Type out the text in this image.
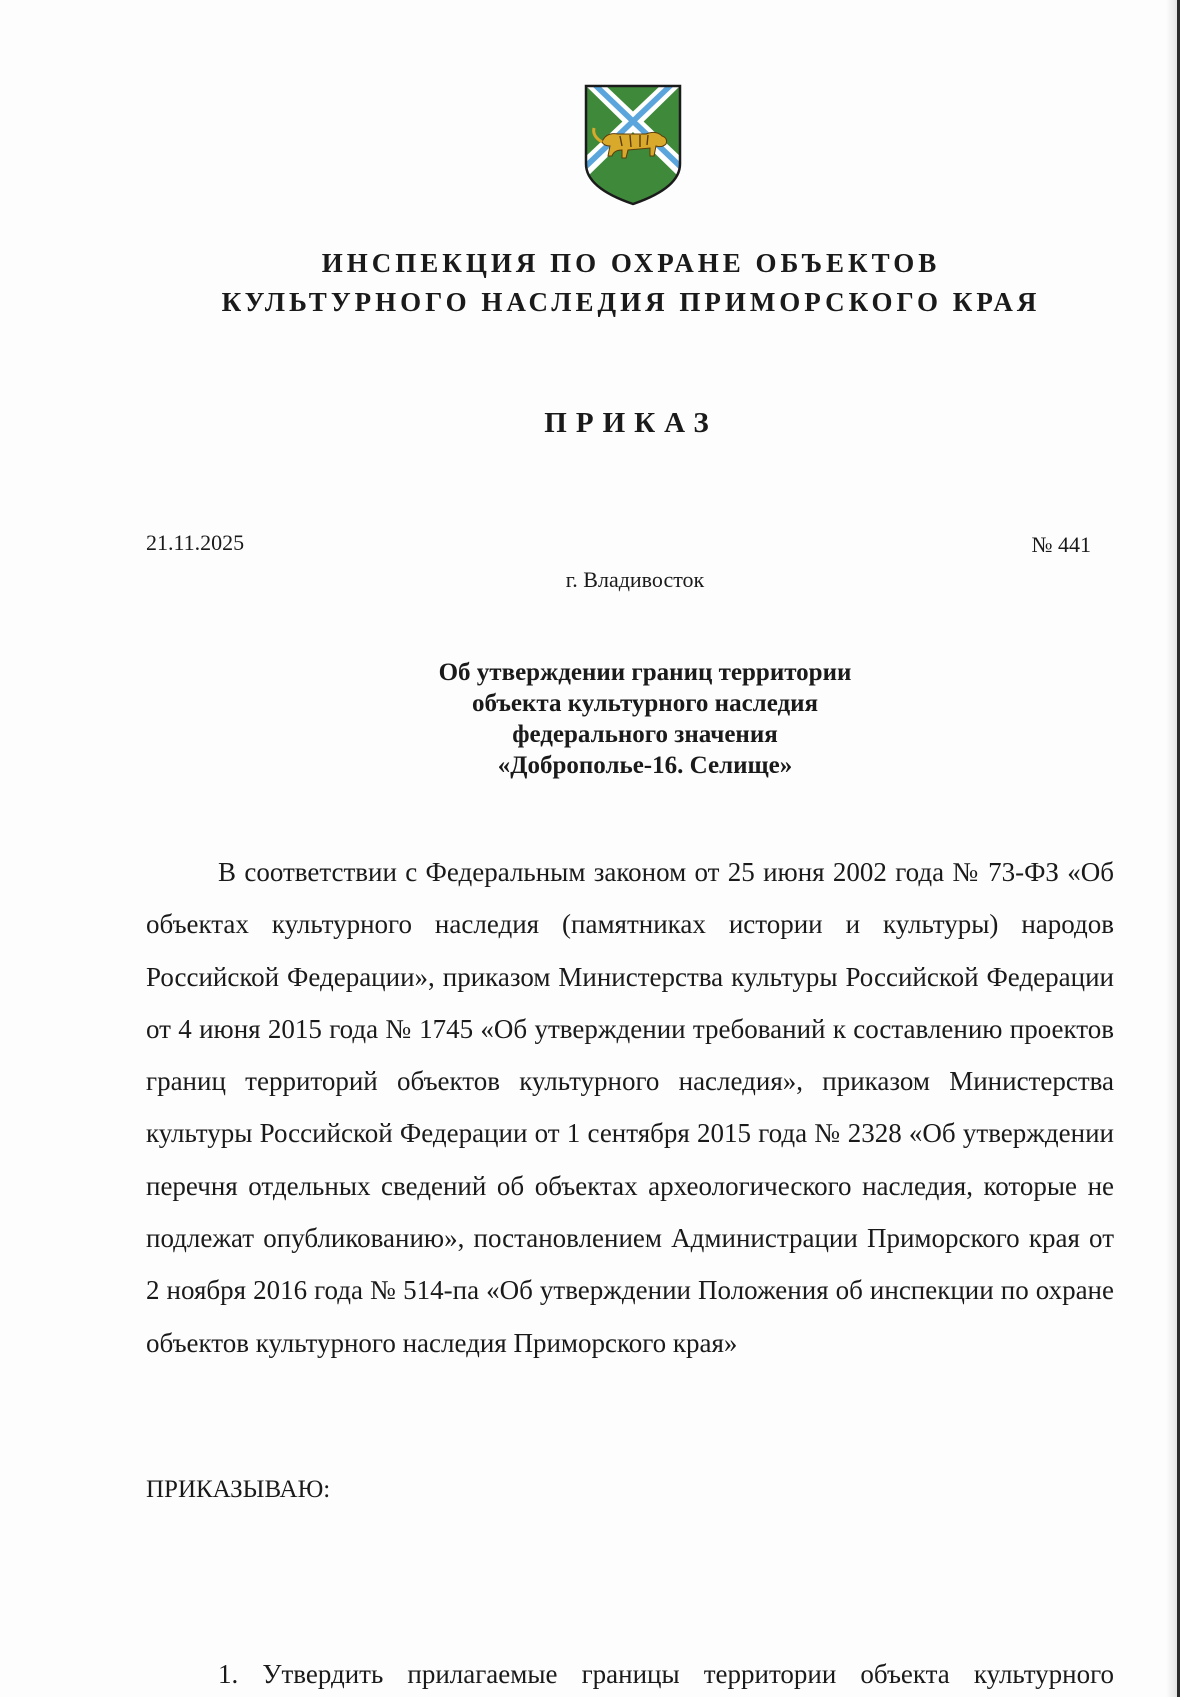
ИНСПЕКЦИЯ ПО ОХРАНЕ ОБЪЕКТОВ
КУЛЬТУРНОГО НАСЛЕДИЯ ПРИМОРСКОГО КРАЯ
ПРИКАЗ
21.11.2025	№ 441
г. Владивосток
Об утверждении границ территории
объекта культурного наследия
федерального значения
«Доброполье-16. Селище»

В соответствии с Федеральным законом от 25 июня 2002 года № 73-ФЗ «Об объектах культурного наследия (памятниках истории и культуры) народов Российской Федерации», приказом Министерства культуры Российской Федерации от 4 июня 2015 года № 1745 «Об утверждении требований к составлению проектов границ территорий объектов культурного наследия», приказом Министерства культуры Российской Федерации от 1 сентября 2015 года № 2328 «Об утверждении перечня отдельных сведений об объектах археологического наследия, которые не подлежат опубликованию», постановлением Администрации Приморского края от 2 ноября 2016 года № 514-па «Об утверждении Положения об инспекции по охране объектов культурного наследия Приморского края»

ПРИКАЗЫВАЮ:
1. Утвердить прилагаемые границы территории объекта культурного
